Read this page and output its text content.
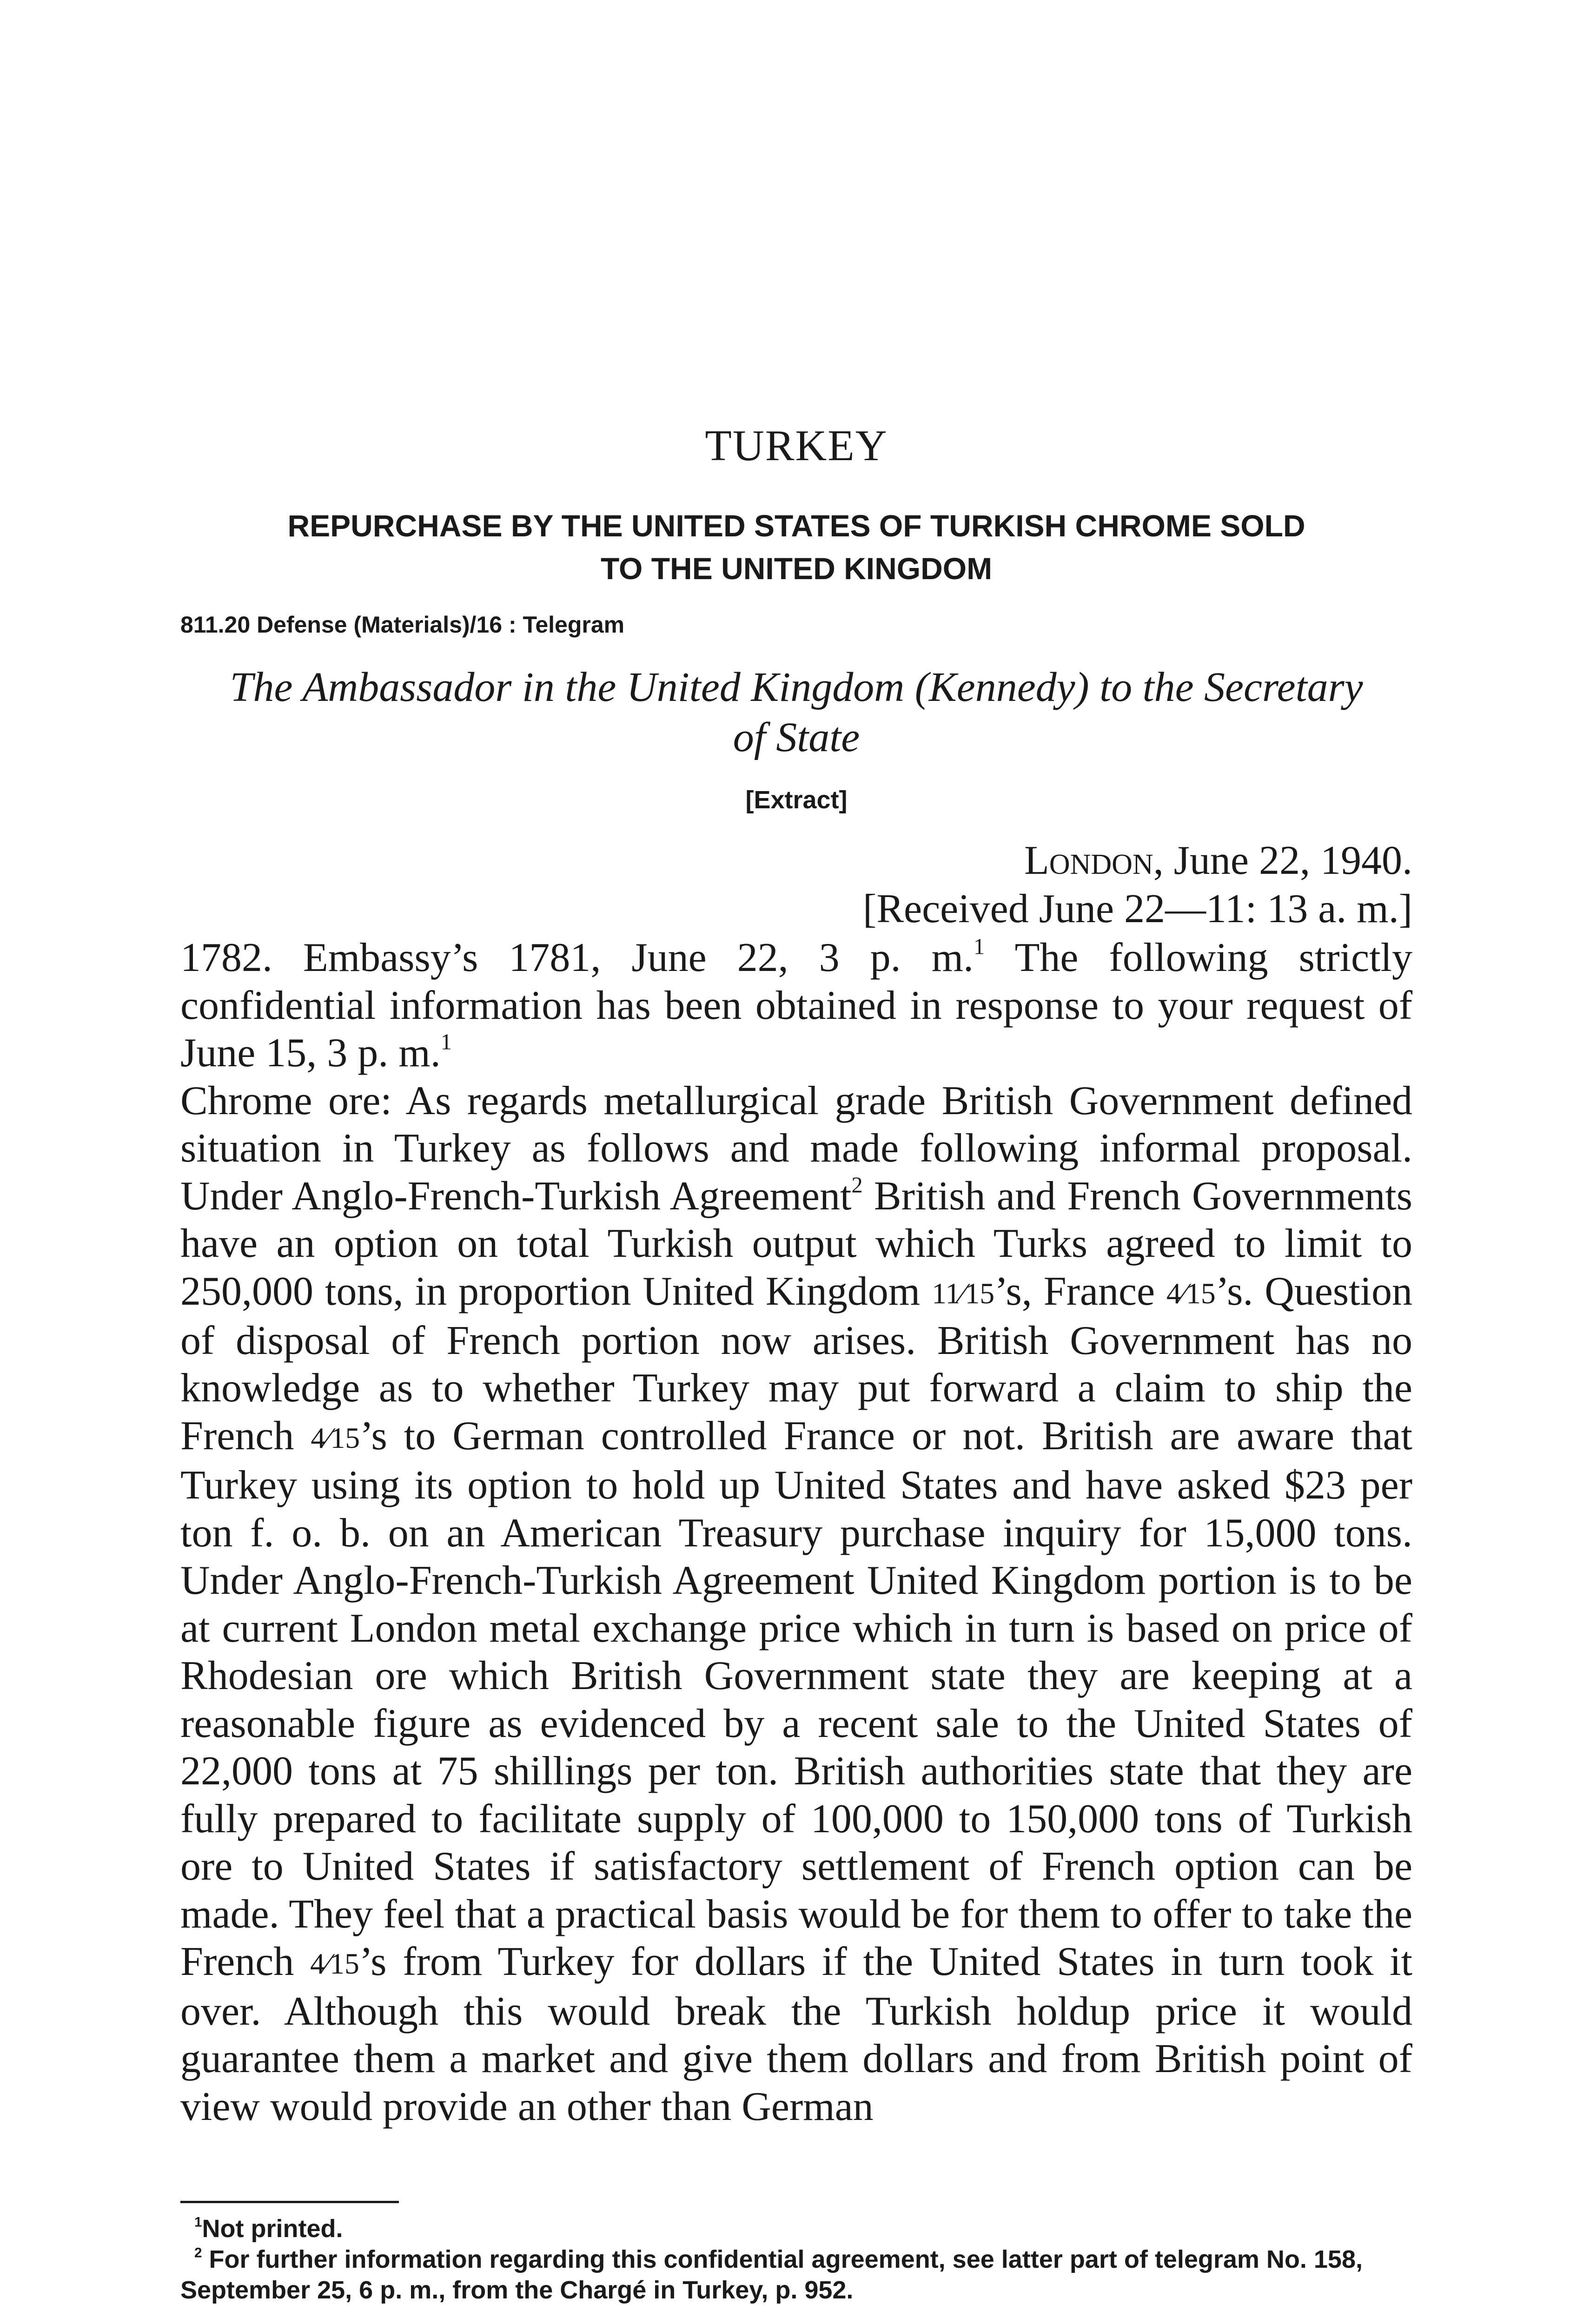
TURKEY
REPURCHASE BY THE UNITED STATES OF TURKISH CHROME SOLD
TO THE UNITED KINGDOM
811.20 Defense (Materials)/16 : Telegram
The Ambassador in the United Kingdom (Kennedy) to the Secretary
of State
[Extract]
London, June 22, 1940.
[Received June 22—11: 13 a. m.]

1782. Embassy’s 1781, June 22, 3 p. m.$^1$ The following strictly confidential information has been obtained in response to your request of June 15, 3 p. m.$^1$

Chrome ore: As regards metallurgical grade British Government defined situation in Turkey as follows and made following informal proposal. Under Anglo-French-Turkish Agreement$^2$ British and French Governments have an option on total Turkish output which Turks agreed to limit to 250,000 tons, in proportion United Kingdom 11⁄15’s, France 4⁄15’s. Question of disposal of French portion now arises. British Government has no knowledge as to whether Turkey may put forward a claim to ship the French 4⁄15’s to German controlled France or not. British are aware that Turkey using its option to hold up United States and have asked $23 per ton f. o. b. on an American Treasury purchase inquiry for 15,000 tons. Under Anglo-French-Turkish Agreement United Kingdom portion is to be at current London metal exchange price which in turn is based on price of Rhodesian ore which British Government state they are keeping at a reasonable figure as evidenced by a recent sale to the United States of 22,000 tons at 75 shillings per ton. British authorities state that they are fully prepared to facilitate supply of 100,000 to 150,000 tons of Turkish ore to United States if satisfactory settlement of French option can be made. They feel that a practical basis would be for them to offer to take the French 4⁄15’s from Turkey for dollars if the United States in turn took it over. Although this would break the Turkish holdup price it would guarantee them a market and give them dollars and from British point of view would provide an other than German

$^1$Not printed.

$^2$ For further information regarding this confidential agreement, see latter part of telegram No. 158, September 25, 6 p. m., from the Chargé in Turkey, p. 952.
